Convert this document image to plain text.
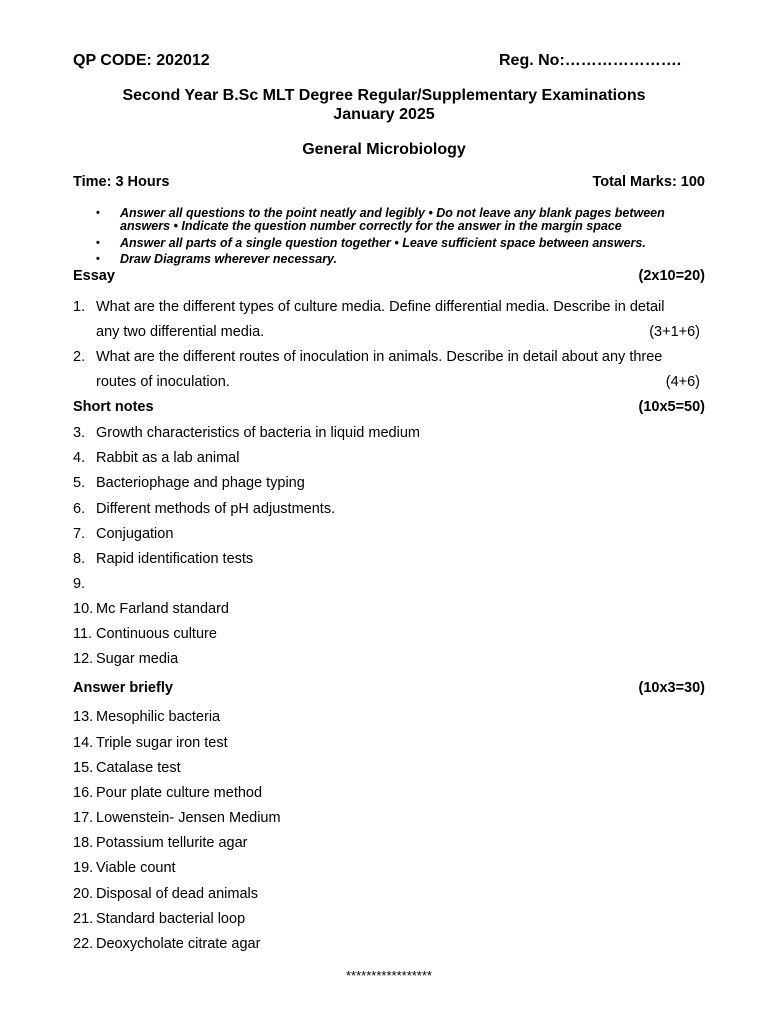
QP CODE: 202012	Reg. No:………………….
Second Year B.Sc MLT Degree Regular/Supplementary Examinations
January 2025
General Microbiology
Time: 3 Hours	Total Marks: 100
• Answer all questions to the point neatly and legibly • Do not leave any blank pages between
answers • Indicate the question number correctly for the answer in the margin space
• Answer all parts of a single question together • Leave sufficient space between answers.
• Draw Diagrams wherever necessary.
Essay	(2x10=20)
1. What are the different types of culture media. Define differential media. Describe in detail
any two differential media.	(3+1+6)
2. What are the different routes of inoculation in animals. Describe in detail about any three
routes of inoculation.	(4+6)
Short notes	(10x5=50)
3. Growth characteristics of bacteria in liquid medium
4. Rabbit as a lab animal
5. Bacteriophage and phage typing
6. Different methods of pH adjustments.
7. Conjugation
8. Rapid identification tests
9.
10. Mc Farland standard
11. Continuous culture
12. Sugar media
Answer briefly	(10x3=30)
13. Mesophilic bacteria
14. Triple sugar iron test
15. Catalase test
16. Pour plate culture method
17. Lowenstein- Jensen Medium
18. Potassium tellurite agar
19. Viable count
20. Disposal of dead animals
21. Standard bacterial loop
22. Deoxycholate citrate agar
*****************
